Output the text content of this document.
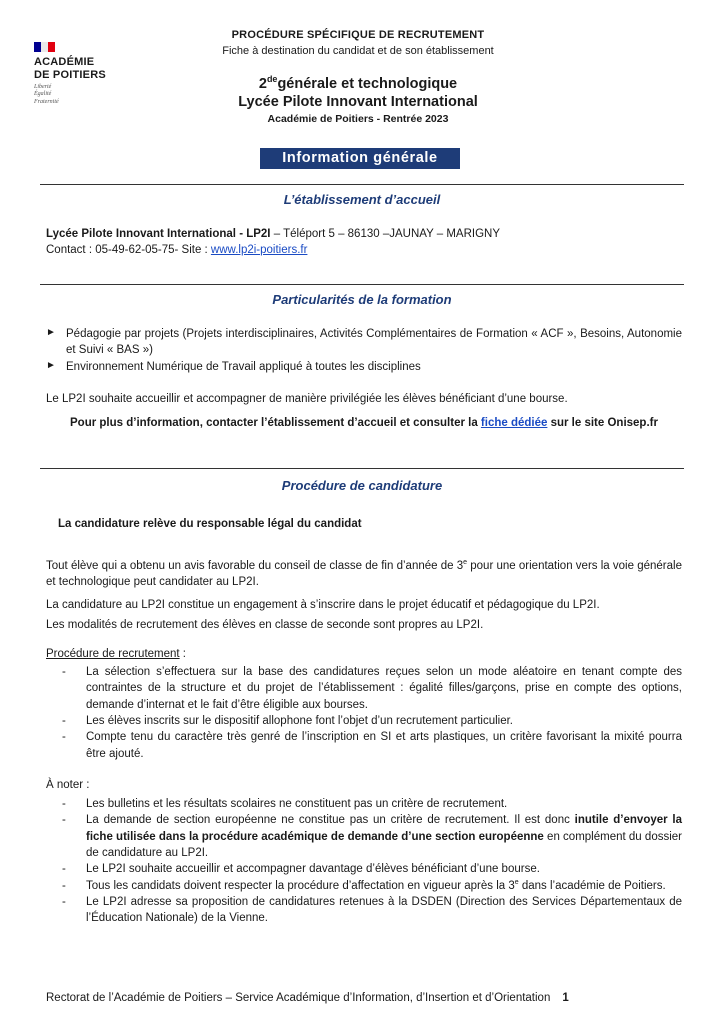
ACADÉMIE
DE POITIERS
Liberté
Égalité
Fraternité
PROCÉDURE SPÉCIFIQUE DE RECRUTEMENT
Fiche à destination du candidat et de son établissement
2degénérale et technologique
Lycée Pilote Innovant International
Académie de Poitiers - Rentrée 2023
Information générale
L’établissement d’accueil
Lycée Pilote Innovant International - LP2I – Téléport 5 – 86130 –JAUNAY – MARIGNY
Contact : 05-49-62-05-75- Site : www.lp2i-poitiers.fr
Particularités de la formation
► Pédagogie par projets (Projets interdisciplinaires, Activités Complémentaires de Formation « ACF », Besoins, Autonomie et Suivi « BAS »)
► Environnement Numérique de Travail appliqué à toutes les disciplines
Le LP2I souhaite accueillir et accompagner de manière privilégiée les élèves bénéficiant d’une bourse.
Pour plus d’information, contacter l’établissement d’accueil et consulter la fiche dédiée sur le site Onisep.fr
Procédure de candidature
La candidature relève du responsable légal du candidat
Tout élève qui a obtenu un avis favorable du conseil de classe de fin d’année de 3e pour une orientation vers la voie générale et technologique peut candidater au LP2I.
La candidature au LP2I constitue un engagement à s’inscrire dans le projet éducatif et pédagogique du LP2I.
Les modalités de recrutement des élèves en classe de seconde sont propres au LP2I.
Procédure de recrutement :
- La sélection s’effectuera sur la base des candidatures reçues selon un mode aléatoire en tenant compte des contraintes de la structure et du projet de l’établissement : égalité filles/garçons, prise en compte des options, demande d’internat et le fait d’être éligible aux bourses.
- Les élèves inscrits sur le dispositif allophone font l’objet d’un recrutement particulier.
- Compte tenu du caractère très genré de l’inscription en SI et arts plastiques, un critère favorisant la mixité pourra être ajouté.
À noter :
- Les bulletins et les résultats scolaires ne constituent pas un critère de recrutement.
- La demande de section européenne ne constitue pas un critère de recrutement. Il est donc inutile d’envoyer la fiche utilisée dans la procédure académique de demande d’une section européenne en complément du dossier de candidature au LP2I.
- Le LP2I souhaite accueillir et accompagner davantage d’élèves bénéficiant d’une bourse.
- Tous les candidats doivent respecter la procédure d’affectation en vigueur après la 3e dans l’académie de Poitiers.
- Le LP2I adresse sa proposition de candidatures retenues à la DSDEN (Direction des Services Départementaux de l’Éducation Nationale) de la Vienne.
Rectorat de l’Académie de Poitiers – Service Académique d’Information, d’Insertion et d’Orientation 1
